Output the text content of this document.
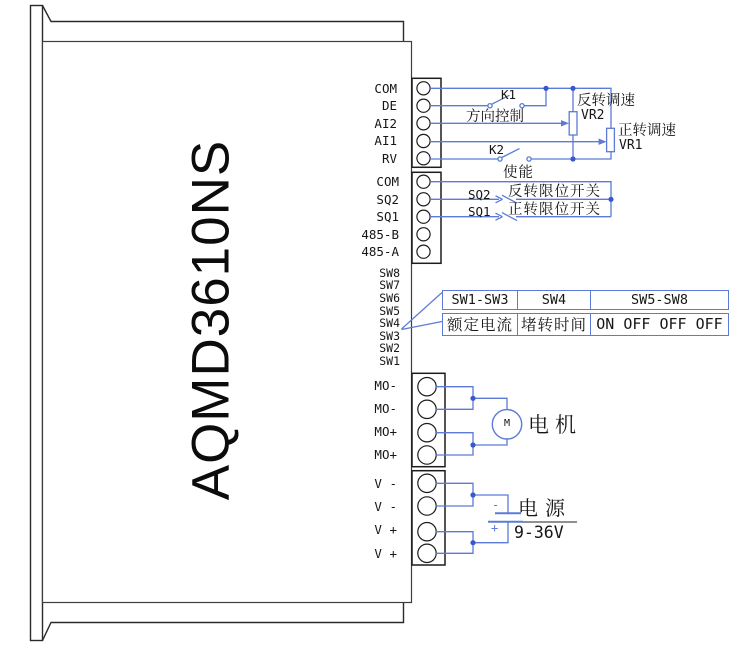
AQMD3610NS
COM
DE
AI2
AI1
RV
COM
SQ2
SQ1
485-B
485-A
SW8
SW7
SW6
SW5
SW4
SW3
SW2
SW1
MO-
MO-
MO+
MO+
V -
V -
V +
V +
K1
方向控制
K2
使能
反转调速
VR2
正转调速
VR1
SQ2 反转限位开关
SQ1 正转限位开关
M 电机
电源
9-36V
-
+
SW1-SW3	SW4	SW5-SW8
额定电流 堵转时间 ON OFF OFF OFF
